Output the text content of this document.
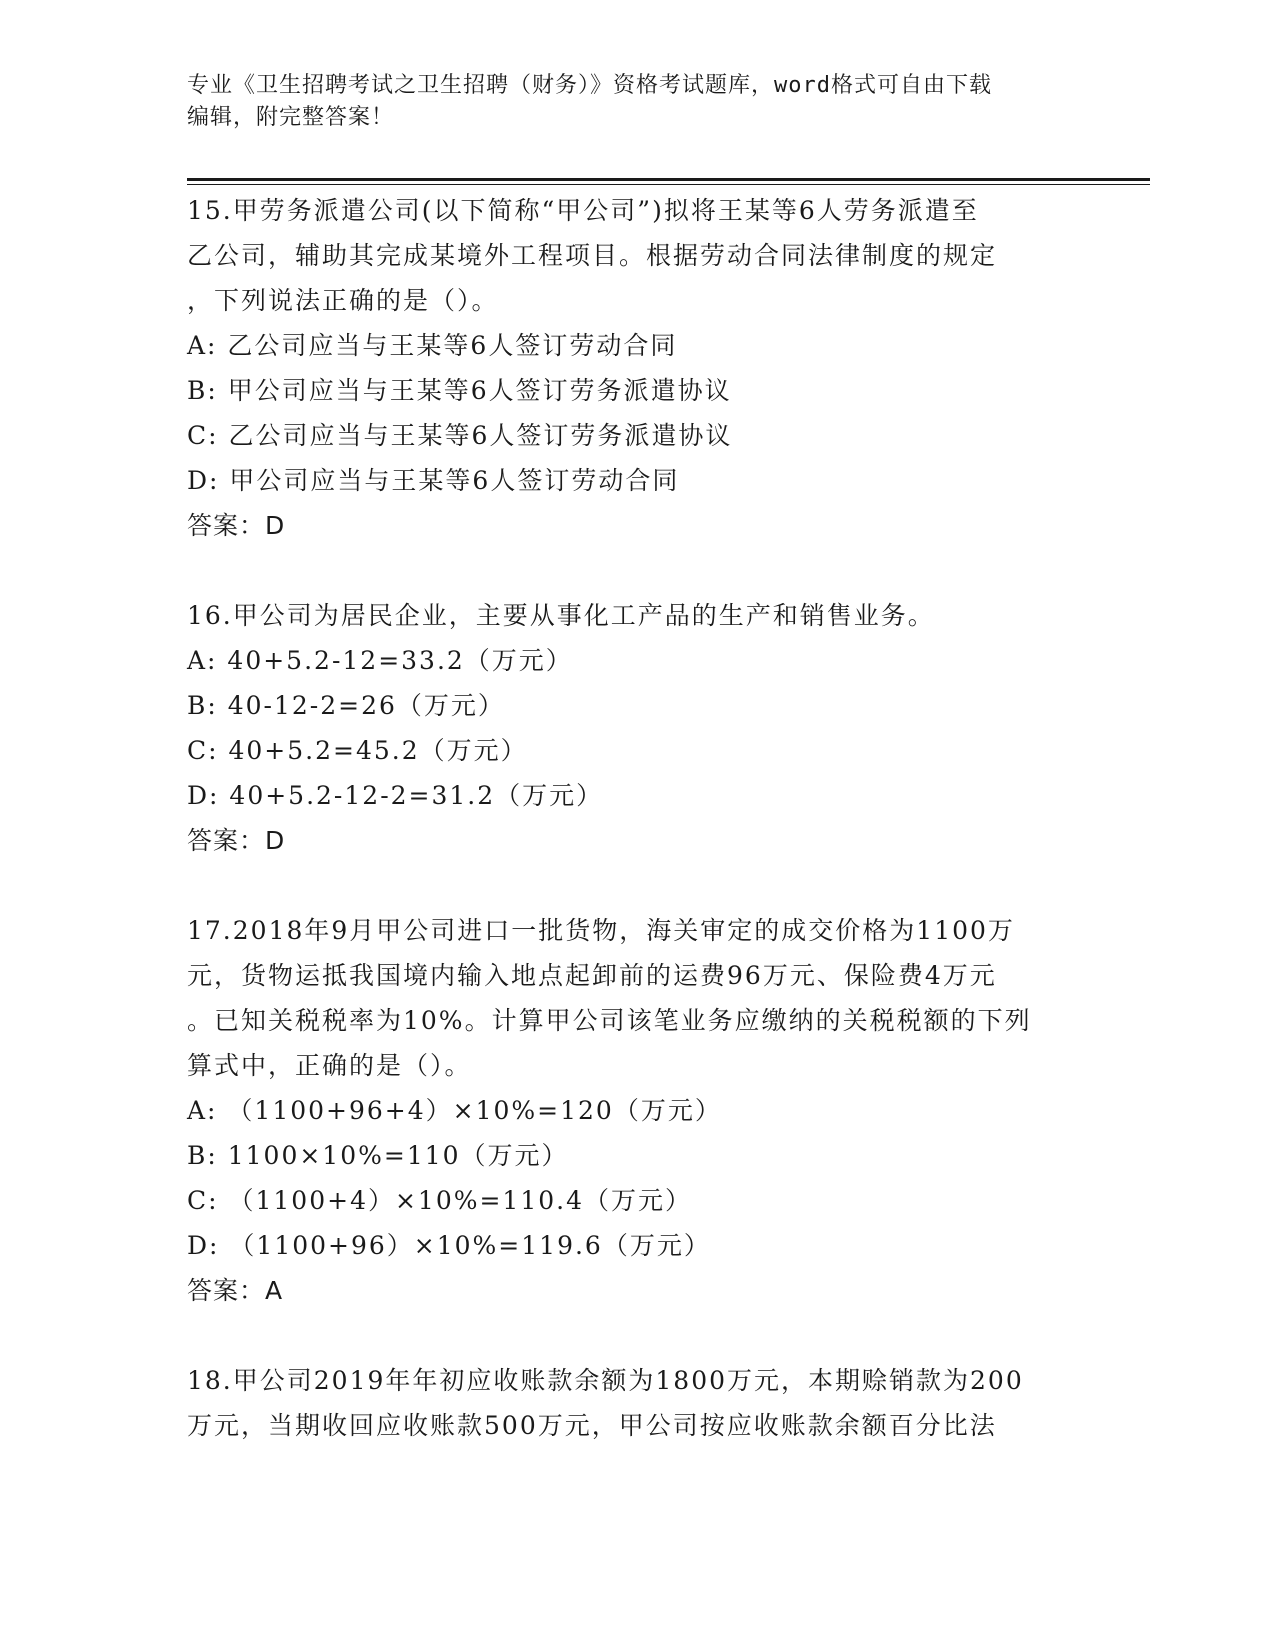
专业《卫生招聘考试之卫生招聘（财务）》资格考试题库，word格式可自由下载
编辑，附完整答案！
15.甲劳务派遣公司(以下简称“甲公司”)拟将王某等6人劳务派遣至
乙公司，辅助其完成某境外工程项目。根据劳动合同法律制度的规定
，下列说法正确的是（）。
A: 乙公司应当与王某等6人签订劳动合同
B: 甲公司应当与王某等6人签订劳务派遣协议
C: 乙公司应当与王某等6人签订劳务派遣协议
D: 甲公司应当与王某等6人签订劳动合同
答案：D
16.甲公司为居民企业，主要从事化工产品的生产和销售业务。
A: 40+5.2-12=33.2（万元）
B: 40-12-2=26（万元）
C: 40+5.2=45.2（万元）
D: 40+5.2-12-2=31.2（万元）
答案：D
17.2018年9月甲公司进口一批货物，海关审定的成交价格为1100万
元，货物运抵我国境内输入地点起卸前的运费96万元、保险费4万元
。已知关税税率为10%。计算甲公司该笔业务应缴纳的关税税额的下列
算式中，正确的是（）。
A: （1100+96+4）×10%=120（万元）
B: 1100×10%=110（万元）
C: （1100+4）×10%=110.4（万元）
D: （1100+96）×10%=119.6（万元）
答案：A
18.甲公司2019年年初应收账款余额为1800万元，本期赊销款为200
万元，当期收回应收账款500万元，甲公司按应收账款余额百分比法
